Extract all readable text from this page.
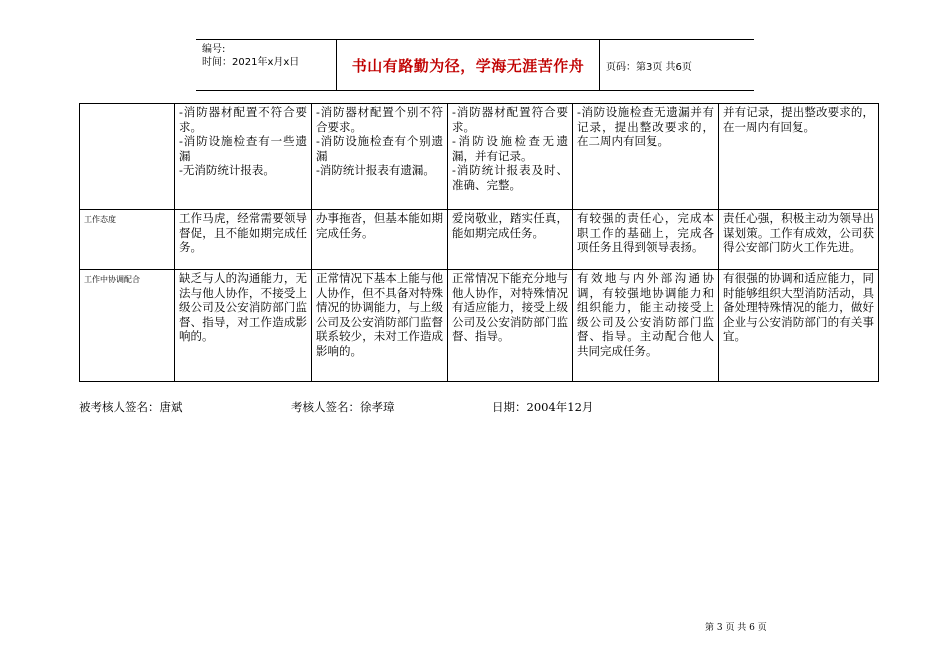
编号:
时间：2021年x月x日	书山有路勤为径，学海无涯苦作舟	页码：第3页 共6页

	-消防器材配置不符合要求。
-消防设施检查有一些遗漏
-无消防统计报表。	-消防器材配置个别不符合要求。
-消防设施检查有个别遗漏
-消防统计报表有遗漏。	-消防器材配置符合要求。
-消防设施检查无遗漏，并有记录。
-消防统计报表及时、准确、完整。	-消防设施检查无遗漏并有记录，提出整改要求的，在二周内有回复。	并有记录，提出整改要求的，在一周内有回复。

工作态度	工作马虎，经常需要领导督促，且不能如期完成任务。	办事拖沓，但基本能如期完成任务。	爱岗敬业，踏实任真，能如期完成任务。	有较强的责任心，完成本职工作的基础上，完成各项任务且得到领导表扬。	责任心强，积极主动为领导出谋划策。工作有成效，公司获得公安部门防火工作先进。
工作中协调配合	缺乏与人的沟通能力，无法与他人协作，不接受上级公司及公安消防部门监督、指导，对工作造成影响的。	正常情况下基本上能与他人协作，但不具备对特殊情况的协调能力，与上级公司及公安消防部门监督联系较少，未对工作造成影响的。	正常情况下能充分地与他人协作，对特殊情况有适应能力，接受上级公司及公安消防部门监督、指导。	有效地与内外部沟通协调，有较强地协调能力和组织能力，能主动接受上级公司及公安消防部门监督、指导。主动配合他人共同完成任务。	有很强的协调和适应能力，同时能够组织大型消防活动，具备处理特殊情况的能力，做好企业与公安消防部门的有关事宜。
被考核人签名：唐斌	考核人签名：徐孝璋	日期：2004年12月
第 3 页 共 6 页
